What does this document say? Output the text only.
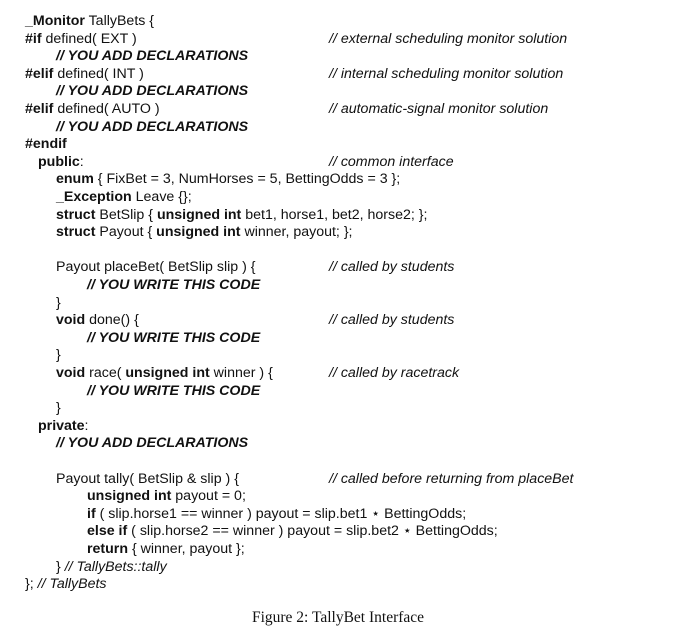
_Monitor TallyBets {
#if defined( EXT )	// external scheduling monitor solution
// YOU ADD DECLARATIONS
#elif defined( INT )	// internal scheduling monitor solution
// YOU ADD DECLARATIONS
#elif defined( AUTO )	// automatic-signal monitor solution
// YOU ADD DECLARATIONS
#endif
public:	// common interface
enum { FixBet = 3, NumHorses = 5, BettingOdds = 3 };
_Exception Leave {};
struct BetSlip { unsigned int bet1, horse1, bet2, horse2; };
struct Payout { unsigned int winner, payout; };
Payout placeBet( BetSlip slip ) {	// called by students
// YOU WRITE THIS CODE
}
void done() {	// called by students
// YOU WRITE THIS CODE
}
void race( unsigned int winner ) {	// called by racetrack
// YOU WRITE THIS CODE
}
private:
// YOU ADD DECLARATIONS
Payout tally( BetSlip & slip ) {	// called before returning from placeBet
unsigned int payout = 0;
if ( slip.horse1 == winner ) payout = slip.bet1 ⋆ BettingOdds;
else if ( slip.horse2 == winner ) payout = slip.bet2 ⋆ BettingOdds;
return { winner, payout };
} // TallyBets::tally
}; // TallyBets
Figure 2: TallyBet Interface
